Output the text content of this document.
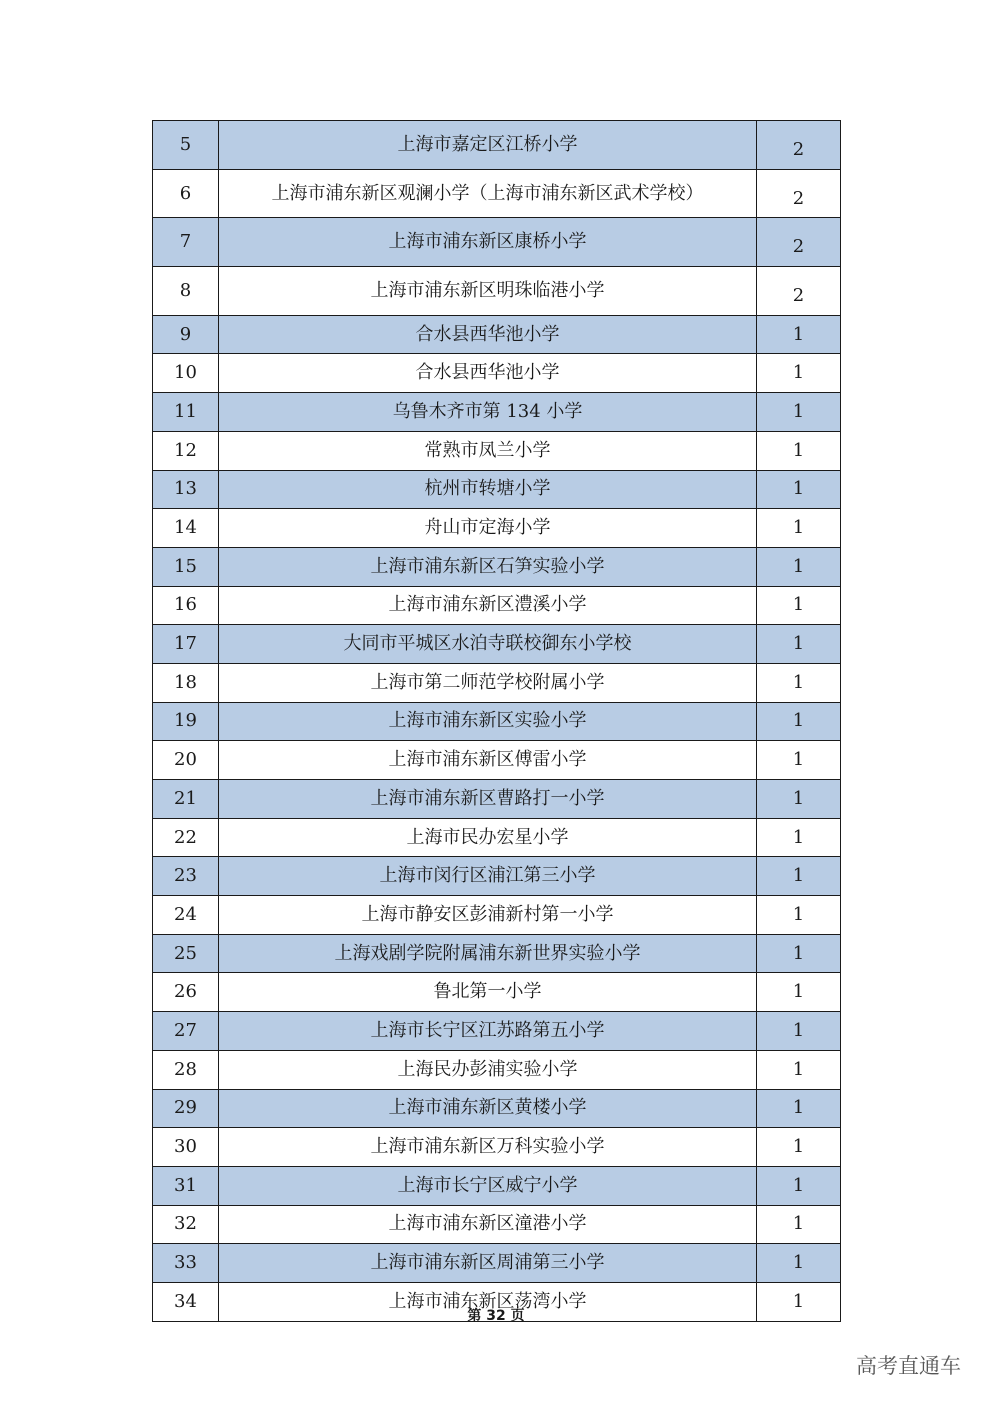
5	上海市嘉定区江桥小学	2
6	上海市浦东新区观澜小学（上海市浦东新区武术学校）	2
7	上海市浦东新区康桥小学	2
8	上海市浦东新区明珠临港小学	2
9	合水县西华池小学	1
10	合水县西华池小学	1
11	乌鲁木齐市第 134 小学	1
12	常熟市凤兰小学	1
13	杭州市转塘小学	1
14	舟山市定海小学	1
15	上海市浦东新区石笋实验小学	1
16	上海市浦东新区澧溪小学	1
17	大同市平城区水泊寺联校御东小学校	1
18	上海市第二师范学校附属小学	1
19	上海市浦东新区实验小学	1
20	上海市浦东新区傅雷小学	1
21	上海市浦东新区曹路打一小学	1
22	上海市民办宏星小学	1
23	上海市闵行区浦江第三小学	1
24	上海市静安区彭浦新村第一小学	1
25	上海戏剧学院附属浦东新世界实验小学	1
26	鲁北第一小学	1
27	上海市长宁区江苏路第五小学	1
28	上海民办彭浦实验小学	1
29	上海市浦东新区黄楼小学	1
30	上海市浦东新区万科实验小学	1
31	上海市长宁区威宁小学	1
32	上海市浦东新区潼港小学	1
33	上海市浦东新区周浦第三小学	1
34	上海市浦东新区荡湾小学	1
第 32 页
高考直通车
